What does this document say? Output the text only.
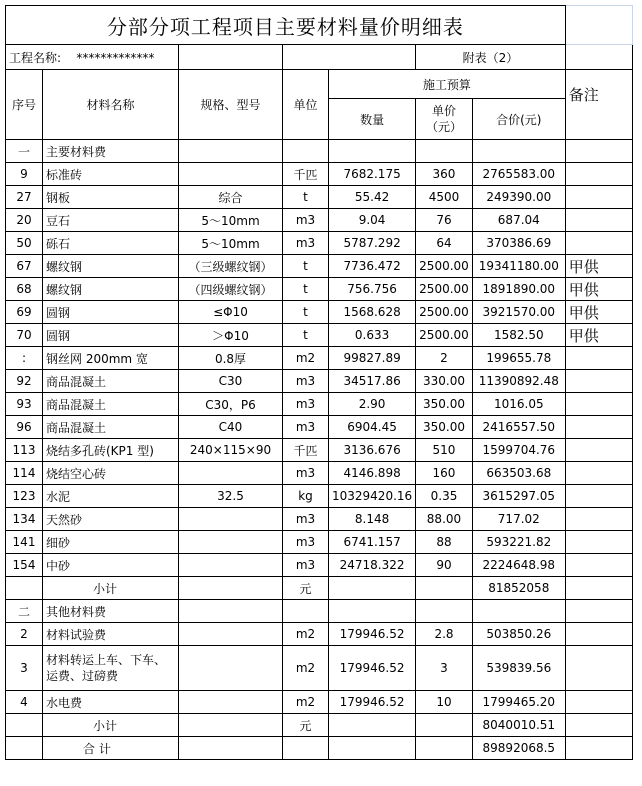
分部分项工程项目主要材料量价明细表							
工程名称: *************					附表（2）		
序号	材料名称	规格、型号	单位	施工预算			备注
				数量	单价（元）	合价(元)	
一	主要材料费						
9	标准砖		千匹	7682.175	360	2765583.00	
27	钢板	综合	t	55.42	4500	249390.00	
20	豆石	5～10mm	m3	9.04	76	687.04	
50	砾石	5～10mm	m3	5787.292	64	370386.69	
67	螺纹钢	（三级螺纹钢）	t	7736.472	2500.00	19341180.00	甲供
68	螺纹钢	（四级螺纹钢）	t	756.756	2500.00	1891890.00	甲供
69	圆钢	≤Φ10	t	1568.628	2500.00	3921570.00	甲供
70	圆钢	＞Φ10	t	0.633	2500.00	1582.50	甲供
:	钢丝网 200mm 宽	0.8厚	m2	99827.89	2	199655.78	
92	商品混凝土	C30	m3	34517.86	330.00	11390892.48	
93	商品混凝土	C30，P6	m3	2.90	350.00	1016.05	
96	商品混凝土	C40	m3	6904.45	350.00	2416557.50	
113	烧结多孔砖(KP1 型)	240×115×90	千匹	3136.676	510	1599704.76	
114	烧结空心砖		m3	4146.898	160	663503.68	
123	水泥	32.5	kg	10329420.16	0.35	3615297.05	
134	天然砂		m3	8.148	88.00	717.02	
141	细砂		m3	6741.157	88	593221.82	
154	中砂		m3	24718.322	90	2224648.98	
	小计		元			81852058	
二	其他材料费						
2	材料试验费		m2	179946.52	2.8	503850.26	
3	材料转运上车、下车、运费、过磅费		m2	179946.52	3	539839.56	
4	水电费		m2	179946.52	10	1799465.20	
	小计		元			8040010.51	
	合 计					89892068.5	
